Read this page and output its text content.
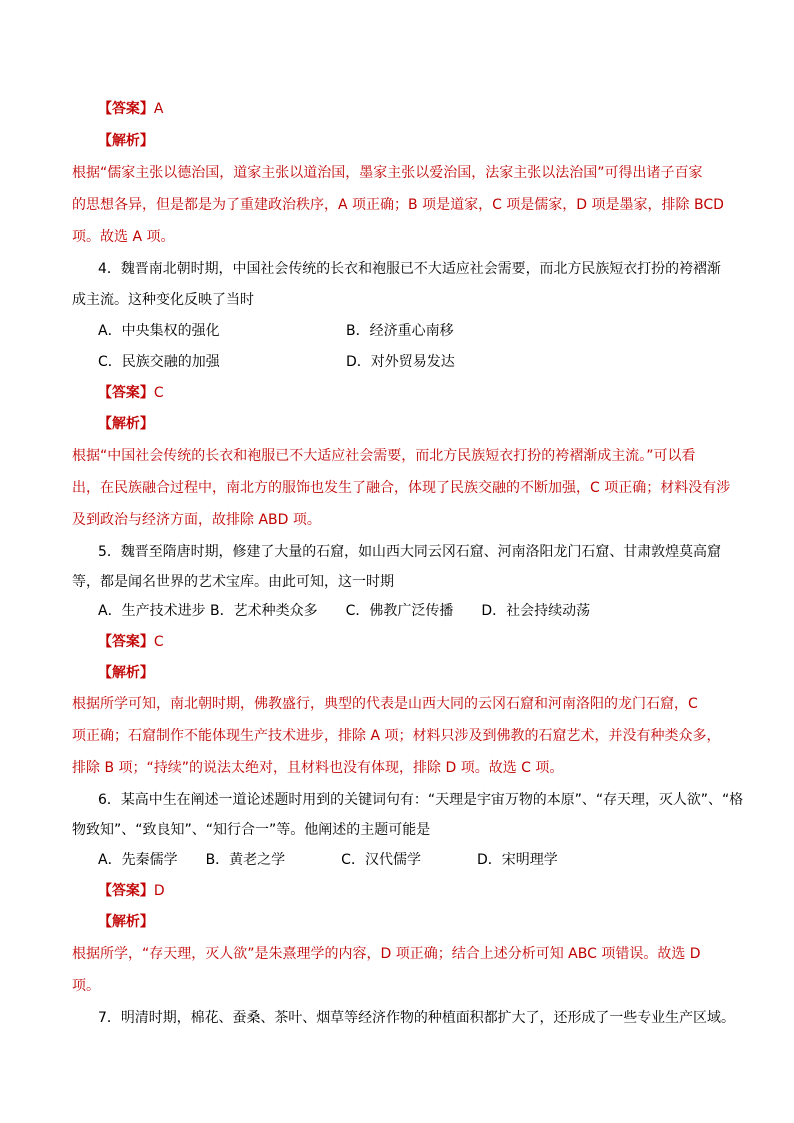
【答案】A
【解析】
根据“儒家主张以德治国，道家主张以道治国，墨家主张以爱治国，法家主张以法治国”可得出诸子百家
的思想各异，但是都是为了重建政治秩序，A 项正确；B 项是道家，C 项是儒家，D 项是墨家，排除 BCD
项。故选 A 项。
4．魏晋南北朝时期，中国社会传统的长衣和袍服已不大适应社会需要，而北方民族短衣打扮的袴褶渐
成主流。这种变化反映了当时
A．中央集权的强化	B．经济重心南移
C．民族交融的加强	D．对外贸易发达
【答案】C
【解析】
根据“中国社会传统的长衣和袍服已不大适应社会需要，而北方民族短衣打扮的袴褶渐成主流。”可以看
出，在民族融合过程中，南北方的服饰也发生了融合，体现了民族交融的不断加强，C 项正确；材料没有涉
及到政治与经济方面，故排除 ABD 项。
5．魏晋至隋唐时期，修建了大量的石窟，如山西大同云冈石窟、河南洛阳龙门石窟、甘肃敦煌莫高窟
等，都是闻名世界的艺术宝库。由此可知，这一时期
A．生产技术进步 B．艺术种类众多　　C．佛教广泛传播　　D．社会持续动荡
【答案】C
【解析】
根据所学可知，南北朝时期，佛教盛行，典型的代表是山西大同的云冈石窟和河南洛阳的龙门石窟，C
项正确；石窟制作不能体现生产技术进步，排除 A 项；材料只涉及到佛教的石窟艺术，并没有种类众多，
排除 B 项；“持续”的说法太绝对，且材料也没有体现，排除 D 项。故选 C 项。
6．某高中生在阐述一道论述题时用到的关键词句有：“天理是宇宙万物的本原”、“存天理，灭人欲”、“格
物致知”、“致良知”、“知行合一”等。他阐述的主题可能是
A．先秦儒学　　B．黄老之学　　　　C．汉代儒学　　　　D．宋明理学
【答案】D
【解析】
根据所学，“存天理，灭人欲”是朱熹理学的内容，D 项正确；结合上述分析可知 ABC 项错误。故选 D
项。
7．明清时期，棉花、蚕桑、茶叶、烟草等经济作物的种植面积都扩大了，还形成了一些专业生产区域。
